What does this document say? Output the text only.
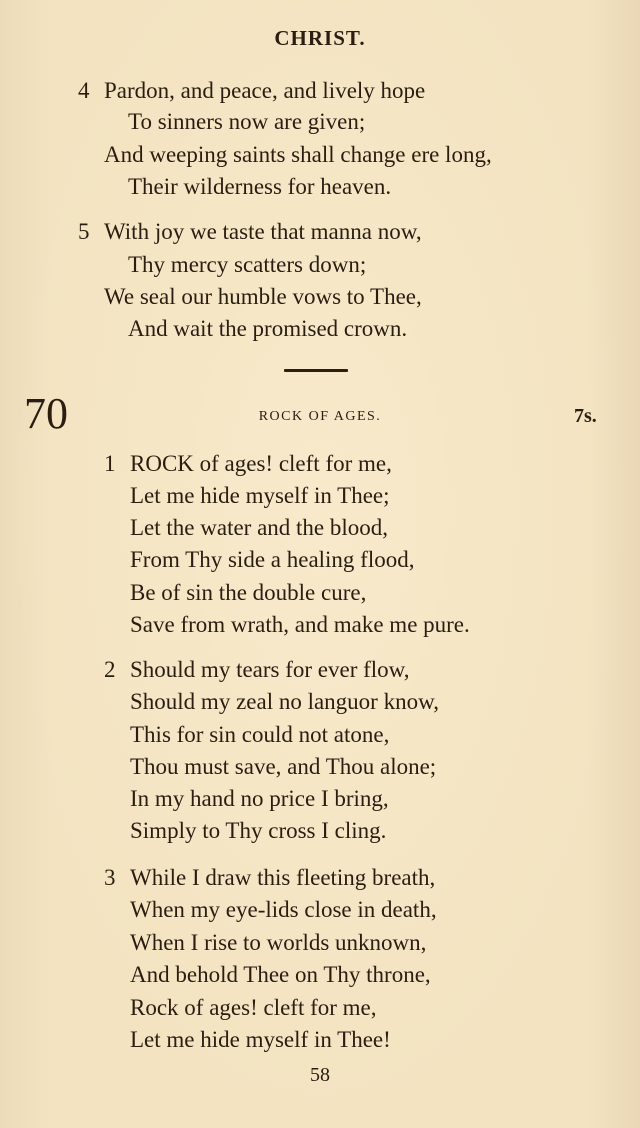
CHRIST.
4 Pardon, and peace, and lively hope
To sinners now are given;
And weeping saints shall change ere long,
Their wilderness for heaven.
5 With joy we taste that manna now,
Thy mercy scatters down;
We seal our humble vows to Thee,
And wait the promised crown.
70	ROCK OF AGES.	7s.
1 ROCK of ages! cleft for me,
Let me hide myself in Thee;
Let the water and the blood,
From Thy side a healing flood,
Be of sin the double cure,
Save from wrath, and make me pure.
2 Should my tears for ever flow,
Should my zeal no languor know,
This for sin could not atone,
Thou must save, and Thou alone;
In my hand no price I bring,
Simply to Thy cross I cling.
3 While I draw this fleeting breath,
When my eye-lids close in death,
When I rise to worlds unknown,
And behold Thee on Thy throne,
Rock of ages! cleft for me,
Let me hide myself in Thee!
58
